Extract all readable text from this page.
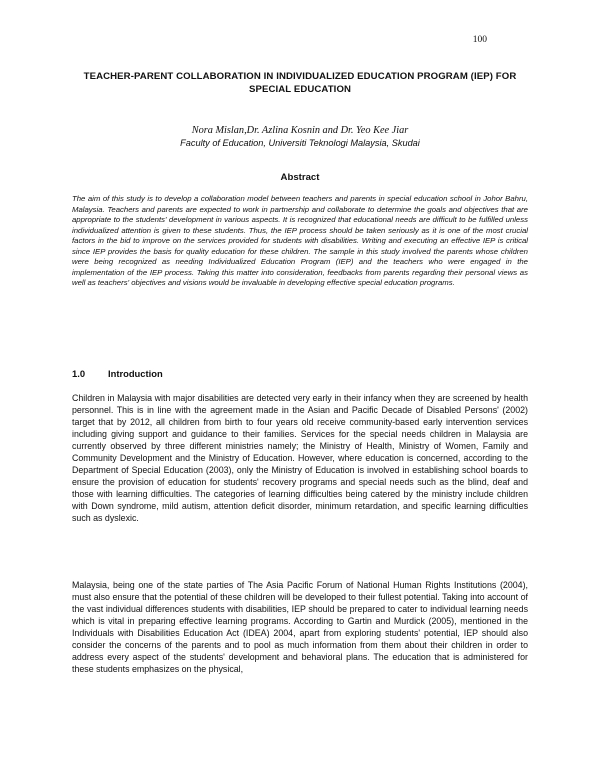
100
TEACHER-PARENT COLLABORATION IN INDIVIDUALIZED EDUCATION PROGRAM (IEP) FOR SPECIAL EDUCATION
Nora Mislan,Dr. Azlina Kosnin and Dr. Yeo Kee Jiar
Faculty of Education, Universiti Teknologi Malaysia, Skudai
Abstract

The aim of this study is to develop a collaboration model between teachers and parents in special education school in Johor Bahru, Malaysia. Teachers and parents are expected to work in partnership and collaborate to determine the goals and objectives that are appropriate to the students' development in various aspects. It is recognized that educational needs are difficult to be fulfilled unless individualized attention is given to these students. Thus, the IEP process should be taken seriously as it is one of the most crucial factors in the bid to improve on the services provided for students with disabilities. Writing and executing an effective IEP is critical since IEP provides the basis for quality education for these children. The sample in this study involved the parents whose children were being recognized as needing Individualized Education Program (IEP) and the teachers who were engaged in the implementation of the IEP process. Taking this matter into consideration, feedbacks from parents regarding their personal views as well as teachers' objectives and visions would be invaluable in developing effective special education programs.

1.0 Introduction

Children in Malaysia with major disabilities are detected very early in their infancy when they are screened by health personnel. This is in line with the agreement made in the Asian and Pacific Decade of Disabled Persons' (2002) target that by 2012, all children from birth to four years old receive community-based early intervention services including giving support and guidance to their families. Services for the special needs children in Malaysia are currently observed by three different ministries namely; the Ministry of Health, Ministry of Women, Family and Community Development and the Ministry of Education. However, where education is concerned, according to the Department of Special Education (2003), only the Ministry of Education is involved in establishing school boards to ensure the provision of education for students' recovery programs and special needs such as the blind, deaf and those with learning difficulties. The categories of learning difficulties being catered by the ministry include children with Down syndrome, mild autism, attention deficit disorder, minimum retardation, and specific learning difficulties such as dyslexic.

Malaysia, being one of the state parties of The Asia Pacific Forum of National Human Rights Institutions (2004), must also ensure that the potential of these children will be developed to their fullest potential. Taking into account of the vast individual differences students with disabilities, IEP should be prepared to cater to individual learning needs which is vital in preparing effective learning programs. According to Gartin and Murdick (2005), mentioned in the Individuals with Disabilities Education Act (IDEA) 2004, apart from exploring students' potential, IEP should also consider the concerns of the parents and to pool as much information from them about their children in order to address every aspect of the students' development and behavioral plans. The education that is administered for these students emphasizes on the physical,
